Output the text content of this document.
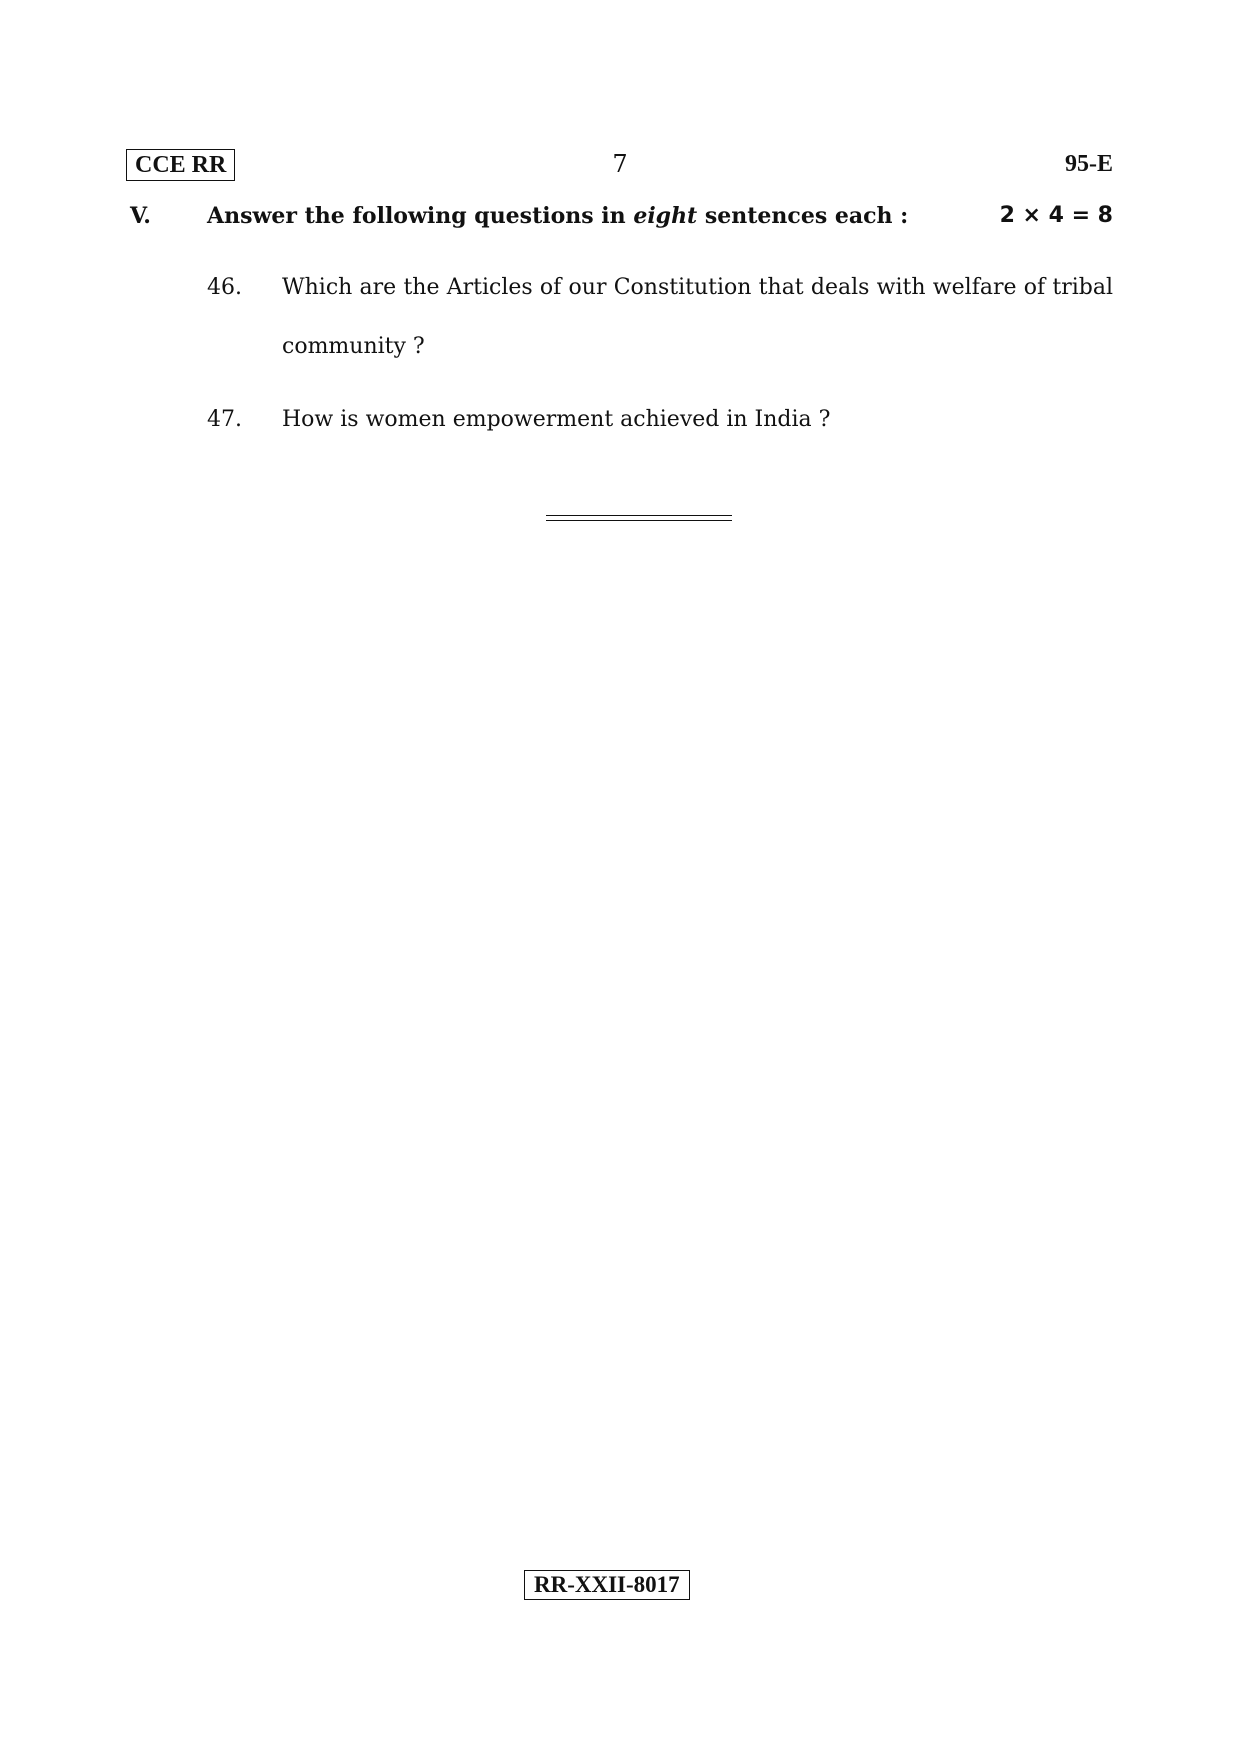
CCE RR	7	95-E
V.	Answer the following questions in eight sentences each :	2 × 4 = 8
46. Which are the Articles of our Constitution that deals with welfare of tribal community ?
47. How is women empowerment achieved in India ?
RR-XXII-8017
